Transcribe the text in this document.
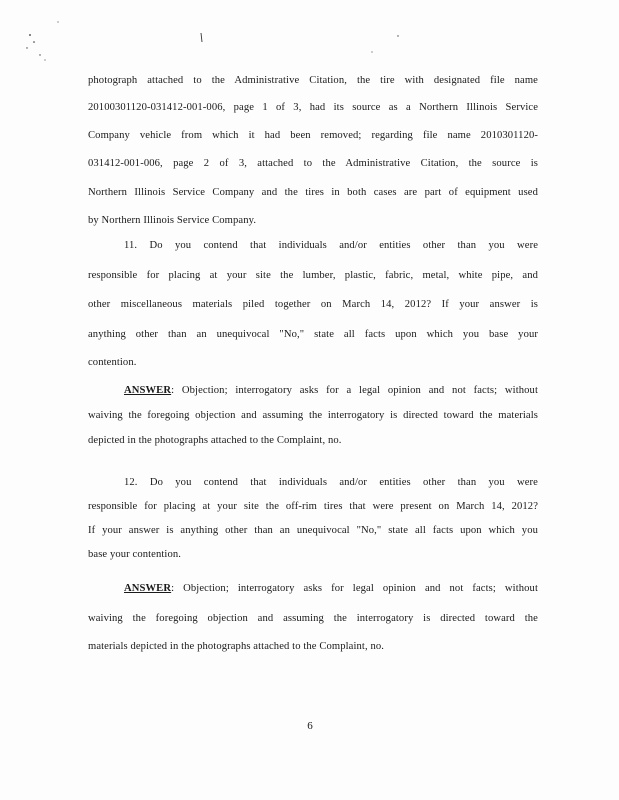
photograph attached to the Administrative Citation, the tire with designated file name
20100301120-031412-001-006, page 1 of 3, had its source as a Northern Illinois Service
Company vehicle from which it had been removed; regarding file name 2010301120-
031412-001-006, page 2 of 3, attached to the Administrative Citation, the source is
Northern Illinois Service Company and the tires in both cases are part of equipment used
by Northern Illinois Service Company.
11. Do you contend that individuals and/or entities other than you were
responsible for placing at your site the lumber, plastic, fabric, metal, white pipe, and
other miscellaneous materials piled together on March 14, 2012? If your answer is
anything other than an unequivocal "No," state all facts upon which you base your
contention.
ANSWER: Objection; interrogatory asks for a legal opinion and not facts; without
waiving the foregoing objection and assuming the interrogatory is directed toward the materials
depicted in the photographs attached to the Complaint, no.
12. Do you contend that individuals and/or entities other than you were
responsible for placing at your site the off-rim tires that were present on March 14, 2012?
If your answer is anything other than an unequivocal "No," state all facts upon which you
base your contention.
ANSWER: Objection; interrogatory asks for legal opinion and not facts; without
waiving the foregoing objection and assuming the interrogatory is directed toward the
materials depicted in the photographs attached to the Complaint, no.
6
